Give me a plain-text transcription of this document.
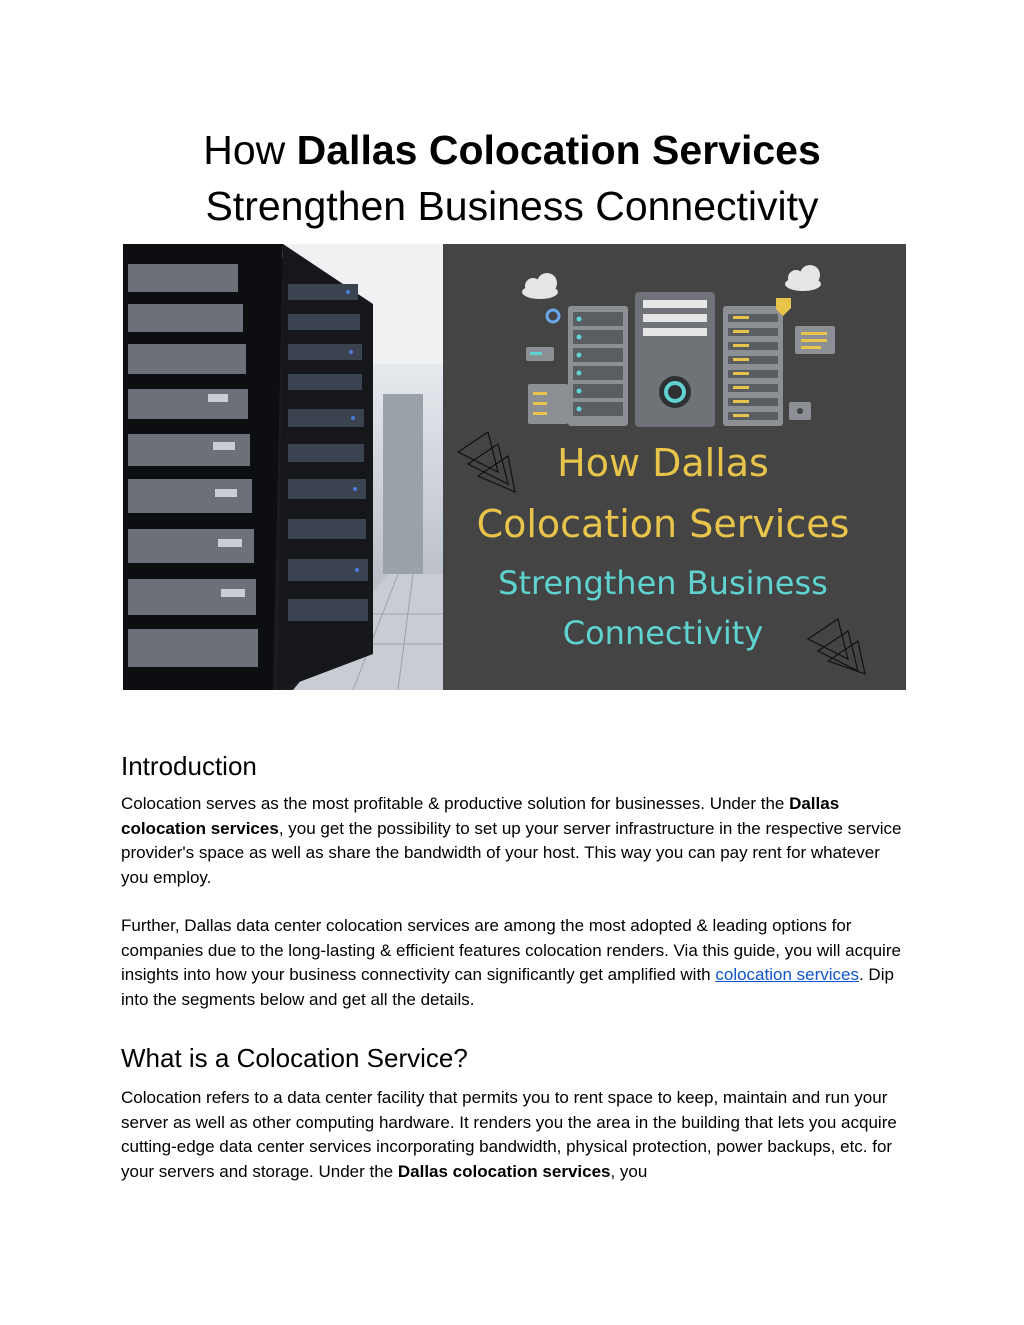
How Dallas Colocation Services
Strengthen Business Connectivity
How Dallas
Colocation Services
Strengthen Business
Connectivity
Introduction

Colocation serves as the most profitable & productive solution for businesses. Under the Dallas colocation services, you get the possibility to set up your server infrastructure in the respective service provider's space as well as share the bandwidth of your host. This way you can pay rent for whatever you employ.

Further, Dallas data center colocation services are among the most adopted & leading options for companies due to the long-lasting & efficient features colocation renders. Via this guide, you will acquire insights into how your business connectivity can significantly get amplified with colocation services. Dip into the segments below and get all the details.

What is a Colocation Service?

Colocation refers to a data center facility that permits you to rent space to keep, maintain and run your server as well as other computing hardware. It renders you the area in the building that lets you acquire cutting-edge data center services incorporating bandwidth, physical protection, power backups, etc. for your servers and storage. Under the Dallas colocation services, you
